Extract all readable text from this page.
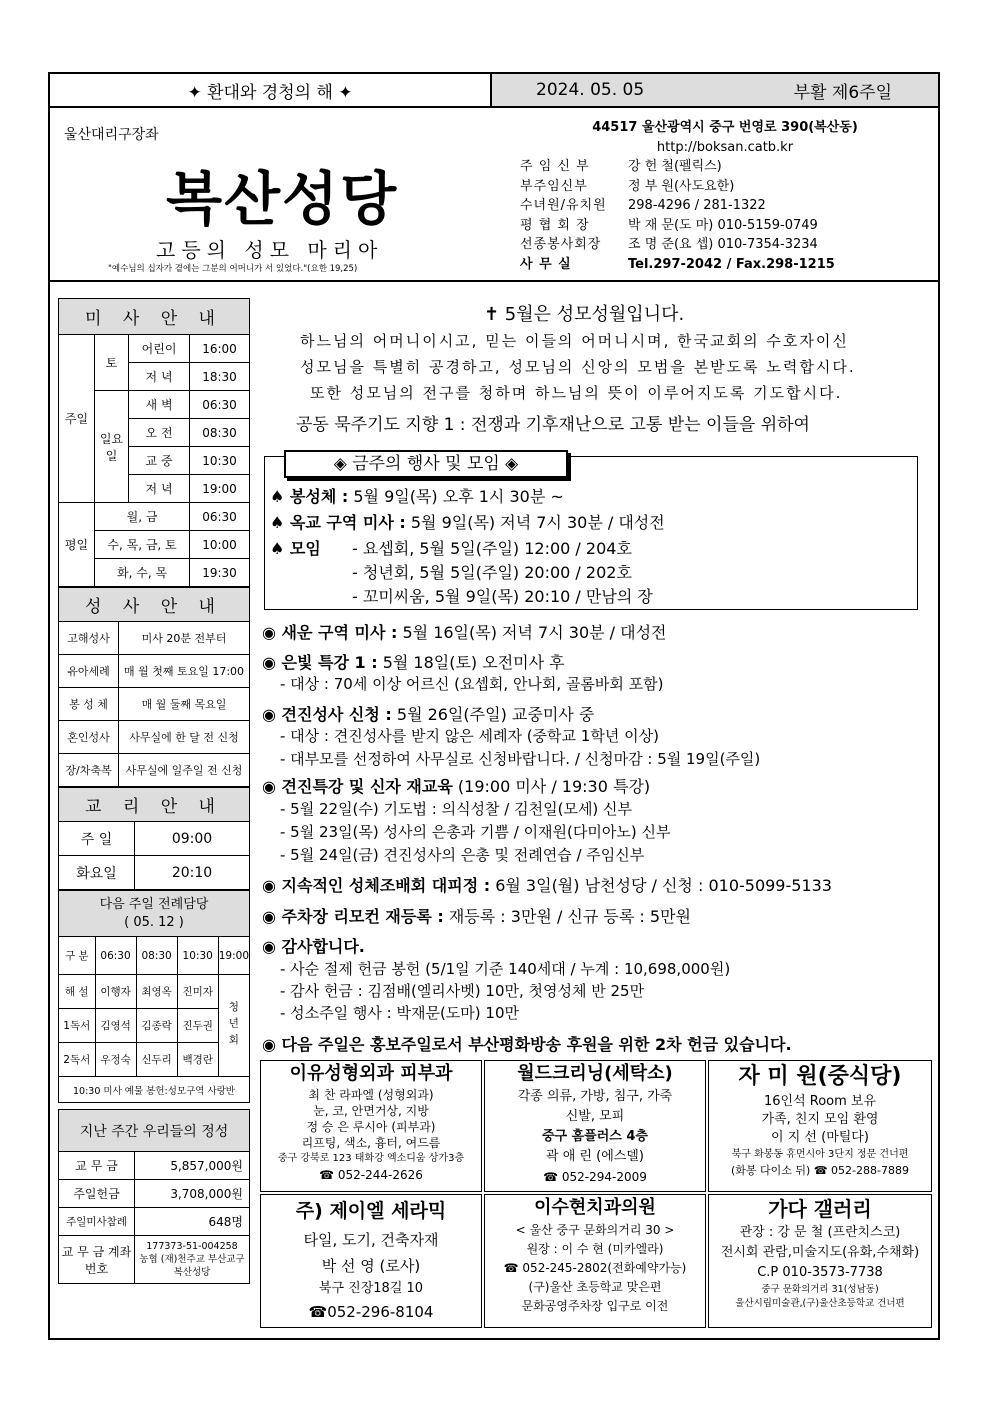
✦ 환대와 경청의 해 ✦	2024. 05. 05	부활 제6주일
울산대리구장좌
복산성당
고등의 성모 마리아
"예수님의 십자가 곁에는 그분의 어머니가 서 있었다."(요한 19,25)
44517 울산광역시 중구 번영로 390(복산동)
http://boksan.catb.kr
주 임 신 부	강 헌 철(펠릭스)
부주임신부	정 부 원(사도요한)
수녀원/유치원	298-4296 / 281-1322
평 협 회 장	박 재 문(도 마) 010-5159-0749
선종봉사회장	조 명 준(요 셉) 010-7354-3234
사 무 실	Tel.297-2042 / Fax.298-1215
미 사 안 내			
주일	토	어린이	16:00
		저 녁	18:30
	일요일	새 벽	06:30
		오 전	08:30
		교 중	10:30
		저 녁	19:00
평일	월, 금		06:30
	수, 목, 금, 토		10:00
	화, 수, 목		19:30
성 사 안 내	
고해성사	미사 20분 전부터
유아세례	매 월 첫째 토요일 17:00
봉 성 체	매 월 둘째 목요일
혼인성사	사무실에 한 달 전 신청
장/차축복	사무실에 일주일 전 신청
교 리 안 내	
주 일	09:00
화요일	20:10
다음 주일 전례담당
( 05. 12 )				

구 분	06:30	08:30	10:30	19:00
해 설	이행자	최영옥	진미자	청년회
1독서	김영석	김종락	진두권	
2독서	우정숙	신두리	백경란	
10:30 미사 예물 봉헌:성모구역 사랑반				
지난 주간 우리들의 정성	
교 무 금	5,857,000원
주일헌금	3,708,000원
주일미사참례	648명
교 무 금 계좌번호	177373-51-004258
농협 (재)천주교 부산교구
복산성당
✝ 5월은 성모성월입니다.
하느님의 어머니이시고, 믿는 이들의 어머니시며, 한국교회의 수호자이신
성모님을 특별히 공경하고, 성모님의 신앙의 모범을 본받도록 노력합시다.
또한 성모님의 전구를 청하며 하느님의 뜻이 이루어지도록 기도합시다.
공동 묵주기도 지향 1 : 전쟁과 기후재난으로 고통 받는 이들을 위하여
◈ 금주의 행사 및 모임 ◈
♠ 봉성체 : 5월 9일(목) 오후 1시 30분 ~
♠ 옥교 구역 미사 : 5월 9일(목) 저녁 7시 30분 / 대성전
♠ 모임 - 요셉회, 5월 5일(주일) 12:00 / 204호
- 청년회, 5월 5일(주일) 20:00 / 202호
- 꼬미씨움, 5월 9일(목) 20:10 / 만남의 장
◉ 새운 구역 미사 : 5월 16일(목) 저녁 7시 30분 / 대성전
◉ 은빛 특강 1 : 5월 18일(토) 오전미사 후
- 대상 : 70세 이상 어르신 (요셉회, 안나회, 골롬바회 포함)
◉ 견진성사 신청 : 5월 26일(주일) 교중미사 중
- 대상 : 견진성사를 받지 않은 세례자 (중학교 1학년 이상)
- 대부모를 선정하여 사무실로 신청바랍니다. / 신청마감 : 5월 19일(주일)
◉ 견진특강 및 신자 재교육 (19:00 미사 / 19:30 특강)
- 5월 22일(수) 기도법 : 의식성찰 / 김천일(모세) 신부
- 5월 23일(목) 성사의 은총과 기쁨 / 이재원(다미아노) 신부
- 5월 24일(금) 견진성사의 은총 및 전례연습 / 주임신부
◉ 지속적인 성체조배회 대피정 : 6월 3일(월) 남천성당 / 신청 : 010-5099-5133
◉ 주차장 리모컨 재등록 : 재등록 : 3만원 / 신규 등록 : 5만원
◉ 감사합니다.
- 사순 절제 헌금 봉헌 (5/1일 기준 140세대 / 누계 : 10,698,000원)
- 감사 헌금 : 김점배(엘리사벳) 10만, 첫영성체 반 25만
- 성소주일 행사 : 박재문(도마) 10만
◉ 다음 주일은 홍보주일로서 부산평화방송 후원을 위한 2차 헌금 있습니다.
이유성형외과 피부과
최 찬 라파엘 (성형외과)
눈, 코, 안면거상, 지방
정 승 은 루시아 (피부과)
리프팅, 색소, 흉터, 여드름
중구 강북로 123 태화강 엑소디움 상가3층
☎ 052-244-2626
월드크리닝(세탁소)
각종 의류, 가방, 침구, 가죽
신발, 모피
중구 홈플러스 4층
곽 애 린 (에스델)
☎ 052-294-2009
자 미 원(중식당)
16인석 Room 보유
가족, 친지 모임 환영
이 지 선 (마틸다)
북구 화봉동 휴먼시아 3단지 정문 건너편
(화봉 다이소 뒤) ☎ 052-288-7889
주) 제이엘 세라믹
타일, 도기, 건축자재
박 선 영 (로사)
북구 진장18길 10
☎052-296-8104
이수현치과의원
< 울산 중구 문화의거리 30 >
원장 : 이 수 현 (미카엘라)
☎ 052-245-2802(전화예약가능)
(구)울산 초등학교 맞은편
문화공영주차장 입구로 이전
가다 갤러리
관장 : 강 문 철 (프란치스코)
전시회 관람,미술지도(유화,수채화)
C.P 010-3573-7738
중구 문화의거리 31(성남동)
울산시립미술관,(구)울산초등학교 건너편
